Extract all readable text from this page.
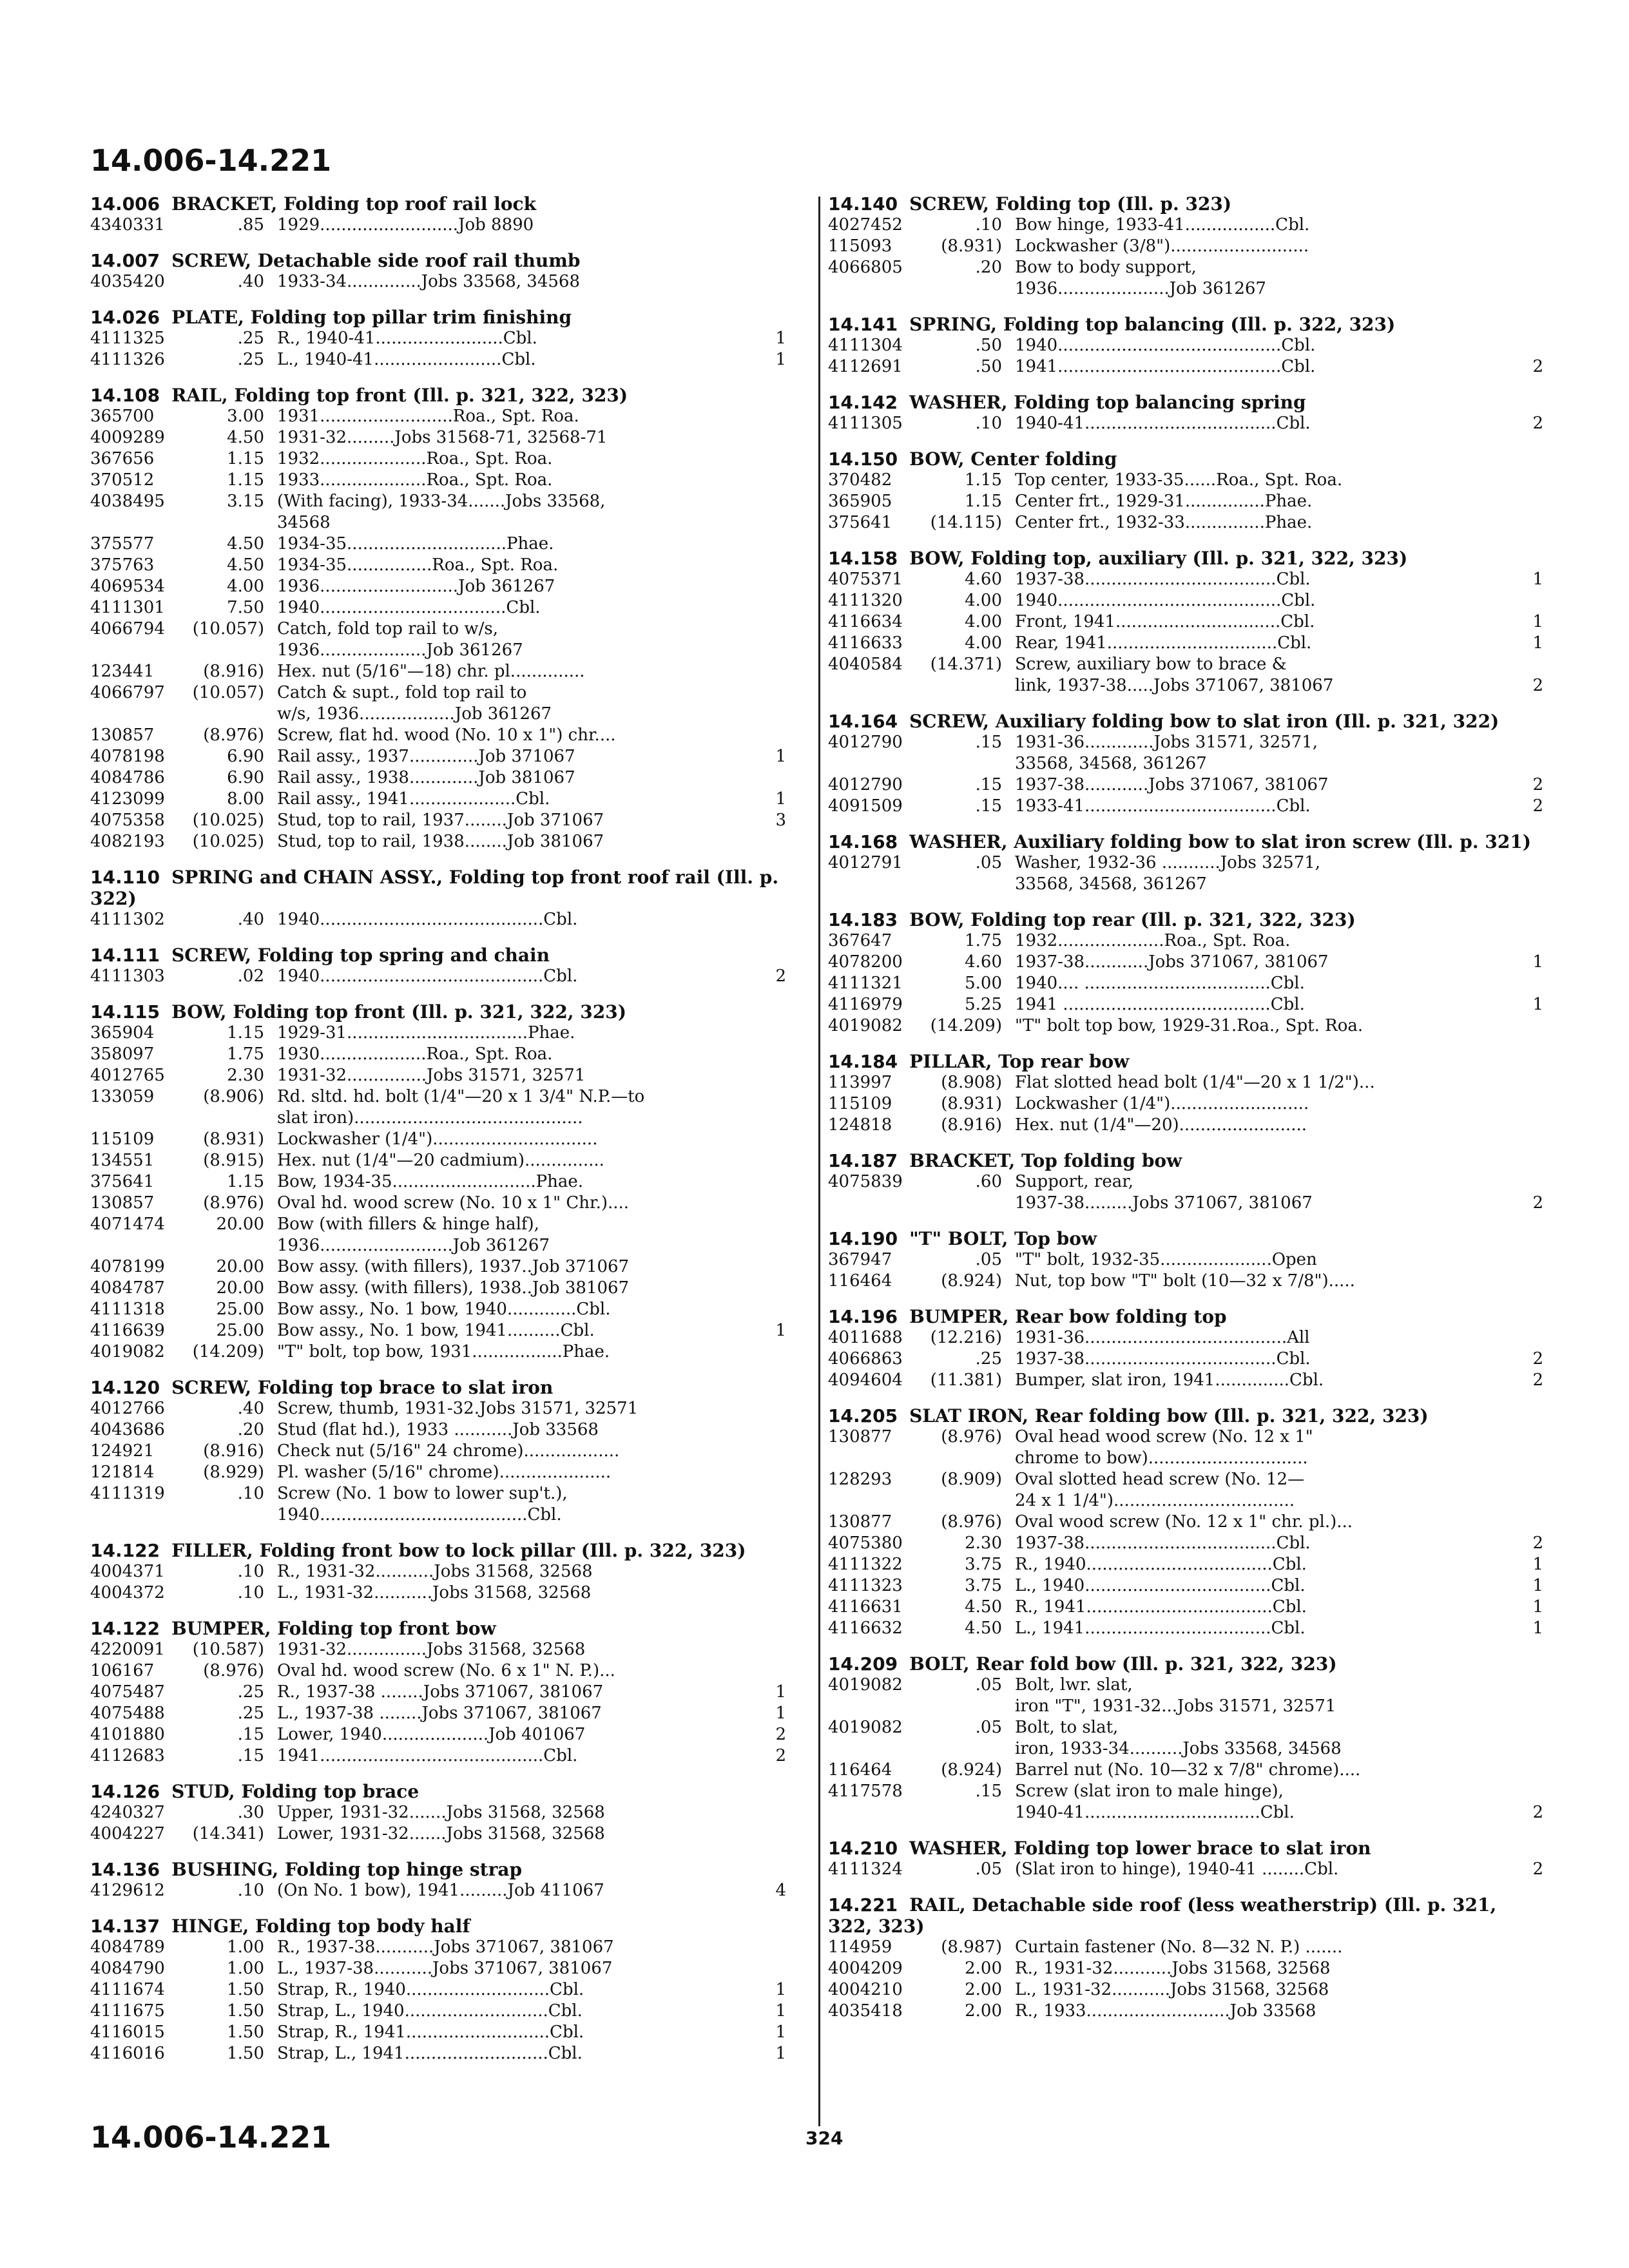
14.006-14.221
14.006 BRACKET, Folding top roof rail lock
4340331	.85 1929..........................Job 8890
14.007 SCREW, Detachable side roof rail thumb
4035420	.40 1933-34..............Jobs 33568, 34568
14.026 PLATE, Folding top pillar trim finishing
4111325	.25 R., 1940-41........................Cbl.	1
4111326	.25 L., 1940-41........................Cbl.	1
14.108 RAIL, Folding top front (Ill. p. 321, 322, 323)
365700	3.00 1931.........................Roa., Spt. Roa.
4009289	4.50 1931-32.........Jobs 31568-71, 32568-71
367656	1.15 1932....................Roa., Spt. Roa.
370512	1.15 1933....................Roa., Spt. Roa.
4038495	3.15 (With facing), 1933-34.......Jobs 33568,
34568
375577	4.50 1934-35..............................Phae.
375763	4.50 1934-35................Roa., Spt. Roa.
4069534	4.00 1936..........................Job 361267
4111301	7.50 1940...................................Cbl.
4066794	(10.057) Catch, fold top rail to w/s,
1936....................Job 361267
123441	(8.916) Hex. nut (5/16"—18) chr. pl..............
4066797	(10.057) Catch & supt., fold top rail to
w/s, 1936..................Job 361267
130857	(8.976) Screw, flat hd. wood (No. 10 x 1") chr....
4078198	6.90 Rail assy., 1937.............Job 371067	1
4084786	6.90 Rail assy., 1938.............Job 381067
4123099	8.00 Rail assy., 1941....................Cbl.	1
4075358	(10.025) Stud, top to rail, 1937........Job 371067	3
4082193	(10.025) Stud, top to rail, 1938........Job 381067
14.110 SPRING and CHAIN ASSY., Folding top front roof rail (Ill. p. 322)
4111302	.40 1940..........................................Cbl.
14.111 SCREW, Folding top spring and chain
4111303	.02 1940..........................................Cbl.	2
14.115 BOW, Folding top front (Ill. p. 321, 322, 323)
365904	1.15 1929-31..................................Phae.
358097	1.75 1930....................Roa., Spt. Roa.
4012765	2.30 1931-32...............Jobs 31571, 32571
133059	(8.906) Rd. sltd. hd. bolt (1/4"—20 x 1 3/4" N.P.—to
slat iron)...........................................
115109	(8.931) Lockwasher (1/4")...............................
134551	(8.915) Hex. nut (1/4"—20 cadmium)...............
375641	1.15 Bow, 1934-35...........................Phae.
130857	(8.976) Oval hd. wood screw (No. 10 x 1" Chr.)....
4071474	20.00 Bow (with fillers & hinge half),
1936.........................Job 361267
4078199	20.00 Bow assy. (with fillers), 1937..Job 371067
4084787	20.00 Bow assy. (with fillers), 1938..Job 381067
4111318	25.00 Bow assy., No. 1 bow, 1940.............Cbl.
4116639	25.00 Bow assy., No. 1 bow, 1941..........Cbl.	1
4019082	(14.209) "T" bolt, top bow, 1931.................Phae.
14.120 SCREW, Folding top brace to slat iron
4012766	.40 Screw, thumb, 1931-32.Jobs 31571, 32571
4043686	.20 Stud (flat hd.), 1933 ...........Job 33568
124921	(8.916) Check nut (5/16" 24 chrome)..................
121814	(8.929) Pl. washer (5/16" chrome).....................
4111319	.10 Screw (No. 1 bow to lower sup't.),
1940.......................................Cbl.
14.122 FILLER, Folding front bow to lock pillar (Ill. p. 322, 323)
4004371	.10 R., 1931-32...........Jobs 31568, 32568
4004372	.10 L., 1931-32...........Jobs 31568, 32568
14.122 BUMPER, Folding top front bow
4220091	(10.587) 1931-32...............Jobs 31568, 32568
106167	(8.976) Oval hd. wood screw (No. 6 x 1" N. P.)...
4075487	.25 R., 1937-38 ........Jobs 371067, 381067	1
4075488	.25 L., 1937-38 ........Jobs 371067, 381067	1
4101880	.15 Lower, 1940....................Job 401067	2
4112683	.15 1941..........................................Cbl.	2
14.126 STUD, Folding top brace
4240327	.30 Upper, 1931-32.......Jobs 31568, 32568
4004227	(14.341) Lower, 1931-32.......Jobs 31568, 32568
14.136 BUSHING, Folding top hinge strap
4129612	.10 (On No. 1 bow), 1941.........Job 411067	4
14.137 HINGE, Folding top body half
4084789	1.00 R., 1937-38...........Jobs 371067, 381067
4084790	1.00 L., 1937-38...........Jobs 371067, 381067
4111674	1.50 Strap, R., 1940...........................Cbl.	1
4111675	1.50 Strap, L., 1940...........................Cbl.	1
4116015	1.50 Strap, R., 1941...........................Cbl.	1
4116016	1.50 Strap, L., 1941...........................Cbl.	1
14.140 SCREW, Folding top (Ill. p. 323)
4027452	.10 Bow hinge, 1933-41.................Cbl.
115093	(8.931) Lockwasher (3/8")..........................
4066805	.20 Bow to body support,
1936.....................Job 361267
14.141 SPRING, Folding top balancing (Ill. p. 322, 323)
4111304	.50 1940..........................................Cbl.
4112691	.50 1941..........................................Cbl.	2
14.142 WASHER, Folding top balancing spring
4111305	.10 1940-41....................................Cbl.	2
14.150 BOW, Center folding
370482	1.15 Top center, 1933-35......Roa., Spt. Roa.
365905	1.15 Center frt., 1929-31...............Phae.
375641	(14.115) Center frt., 1932-33...............Phae.
14.158 BOW, Folding top, auxiliary (Ill. p. 321, 322, 323)
4075371	4.60 1937-38....................................Cbl.	1
4111320	4.00 1940..........................................Cbl.
4116634	4.00 Front, 1941...............................Cbl.	1
4116633	4.00 Rear, 1941................................Cbl.	1
4040584	(14.371) Screw, auxiliary bow to brace &
link, 1937-38.....Jobs 371067, 381067	2
14.164 SCREW, Auxiliary folding bow to slat iron (Ill. p. 321, 322)
4012790	.15 1931-36.............Jobs 31571, 32571,
33568, 34568, 361267
4012790	.15 1937-38............Jobs 371067, 381067	2
4091509	.15 1933-41....................................Cbl.	2
14.168 WASHER, Auxiliary folding bow to slat iron screw (Ill. p. 321)
4012791	.05 Washer, 1932-36 ...........Jobs 32571,
33568, 34568, 361267
14.183 BOW, Folding top rear (Ill. p. 321, 322, 323)
367647	1.75 1932....................Roa., Spt. Roa.
4078200	4.60 1937-38............Jobs 371067, 381067	1
4111321	5.00 1940.... ...................................Cbl.
4116979	5.25 1941 .......................................Cbl.	1
4019082	(14.209) "T" bolt top bow, 1929-31.Roa., Spt. Roa.
14.184 PILLAR, Top rear bow
113997	(8.908) Flat slotted head bolt (1/4"—20 x 1 1/2")...
115109	(8.931) Lockwasher (1/4")..........................
124818	(8.916) Hex. nut (1/4"—20)........................
14.187 BRACKET, Top folding bow
4075839	.60 Support, rear,
1937-38.........Jobs 371067, 381067	2
14.190 "T" BOLT, Top bow
367947	.05 "T" bolt, 1932-35.....................Open
116464	(8.924) Nut, top bow "T" bolt (10—32 x 7/8").....
14.196 BUMPER, Rear bow folding top
4011688	(12.216) 1931-36......................................All
4066863	.25 1937-38....................................Cbl.	2
4094604	(11.381) Bumper, slat iron, 1941..............Cbl.	2
14.205 SLAT IRON, Rear folding bow (Ill. p. 321, 322, 323)
130877	(8.976) Oval head wood screw (No. 12 x 1"
chrome to bow)..............................
128293	(8.909) Oval slotted head screw (No. 12—
24 x 1 1/4")..................................
130877	(8.976) Oval wood screw (No. 12 x 1" chr. pl.)...
4075380	2.30 1937-38....................................Cbl.	2
4111322	3.75 R., 1940...................................Cbl.	1
4111323	3.75 L., 1940...................................Cbl.	1
4116631	4.50 R., 1941...................................Cbl.	1
4116632	4.50 L., 1941...................................Cbl.	1
14.209 BOLT, Rear fold bow (Ill. p. 321, 322, 323)
4019082	.05 Bolt, lwr. slat,
iron "T", 1931-32...Jobs 31571, 32571
4019082	.05 Bolt, to slat,
iron, 1933-34..........Jobs 33568, 34568
116464	(8.924) Barrel nut (No. 10—32 x 7/8" chrome)....
4117578	.15 Screw (slat iron to male hinge),
1940-41.................................Cbl.	2
14.210 WASHER, Folding top lower brace to slat iron
4111324	.05 (Slat iron to hinge), 1940-41 ........Cbl.	2
14.221 RAIL, Detachable side roof (less weatherstrip) (Ill. p. 321, 322, 323)
114959	(8.987) Curtain fastener (No. 8—32 N. P.) .......
4004209	2.00 R., 1931-32...........Jobs 31568, 32568
4004210	2.00 L., 1931-32...........Jobs 31568, 32568
4035418	2.00 R., 1933...........................Job 33568
14.006-14.221	324
